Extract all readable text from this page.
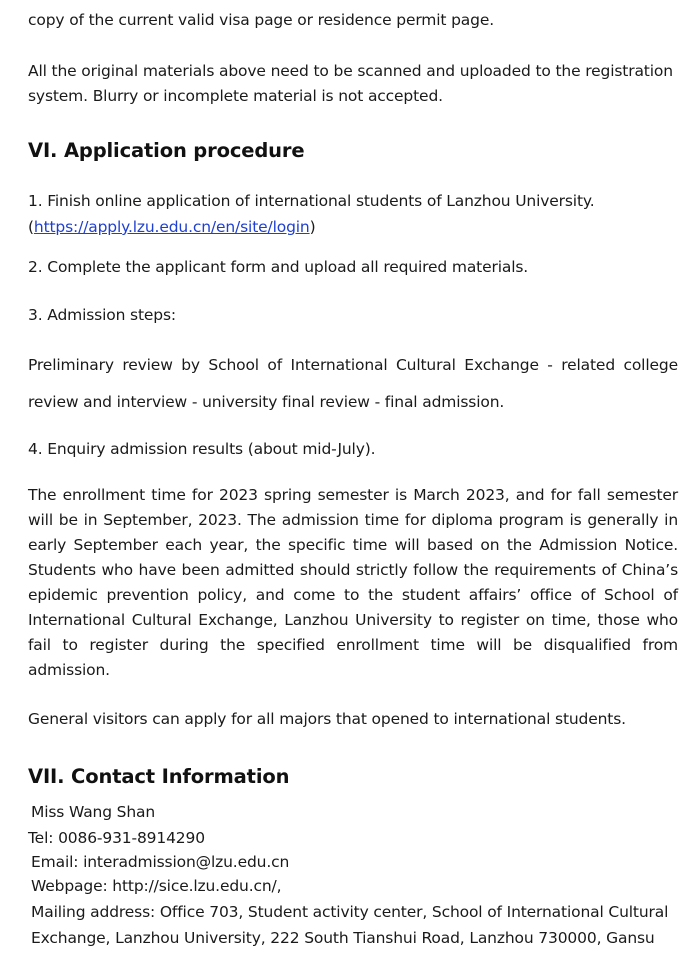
copy of the current valid visa page or residence permit page.
All the original materials above need to be scanned and uploaded to the registration
system. Blurry or incomplete material is not accepted.
VI. Application procedure
1. Finish online application of international students of Lanzhou University.
(https://apply.lzu.edu.cn/en/site/login)
2. Complete the applicant form and upload all required materials.
3. Admission steps:
Preliminary review by School of International Cultural Exchange - related college
review and interview - university final review - final admission.
4. Enquiry admission results (about mid-July).
The enrollment time for 2023 spring semester is March 2023, and for fall semester
will be in September, 2023. The admission time for diploma program is generally in
early September each year, the specific time will based on the Admission Notice.
Students who have been admitted should strictly follow the requirements of China’s
epidemic prevention policy, and come to the student affairs’ office of School of
International Cultural Exchange, Lanzhou University to register on time, those who
fail to register during the specified enrollment time will be disqualified from
admission.
General visitors can apply for all majors that opened to international students.
VII. Contact Information
Miss Wang Shan
Tel: 0086-931-8914290
Email: interadmission@lzu.edu.cn
Webpage: http://sice.lzu.edu.cn/,
Mailing address: Office 703, Student activity center, School of International Cultural
Exchange, Lanzhou University, 222 South Tianshui Road, Lanzhou 730000, Gansu
